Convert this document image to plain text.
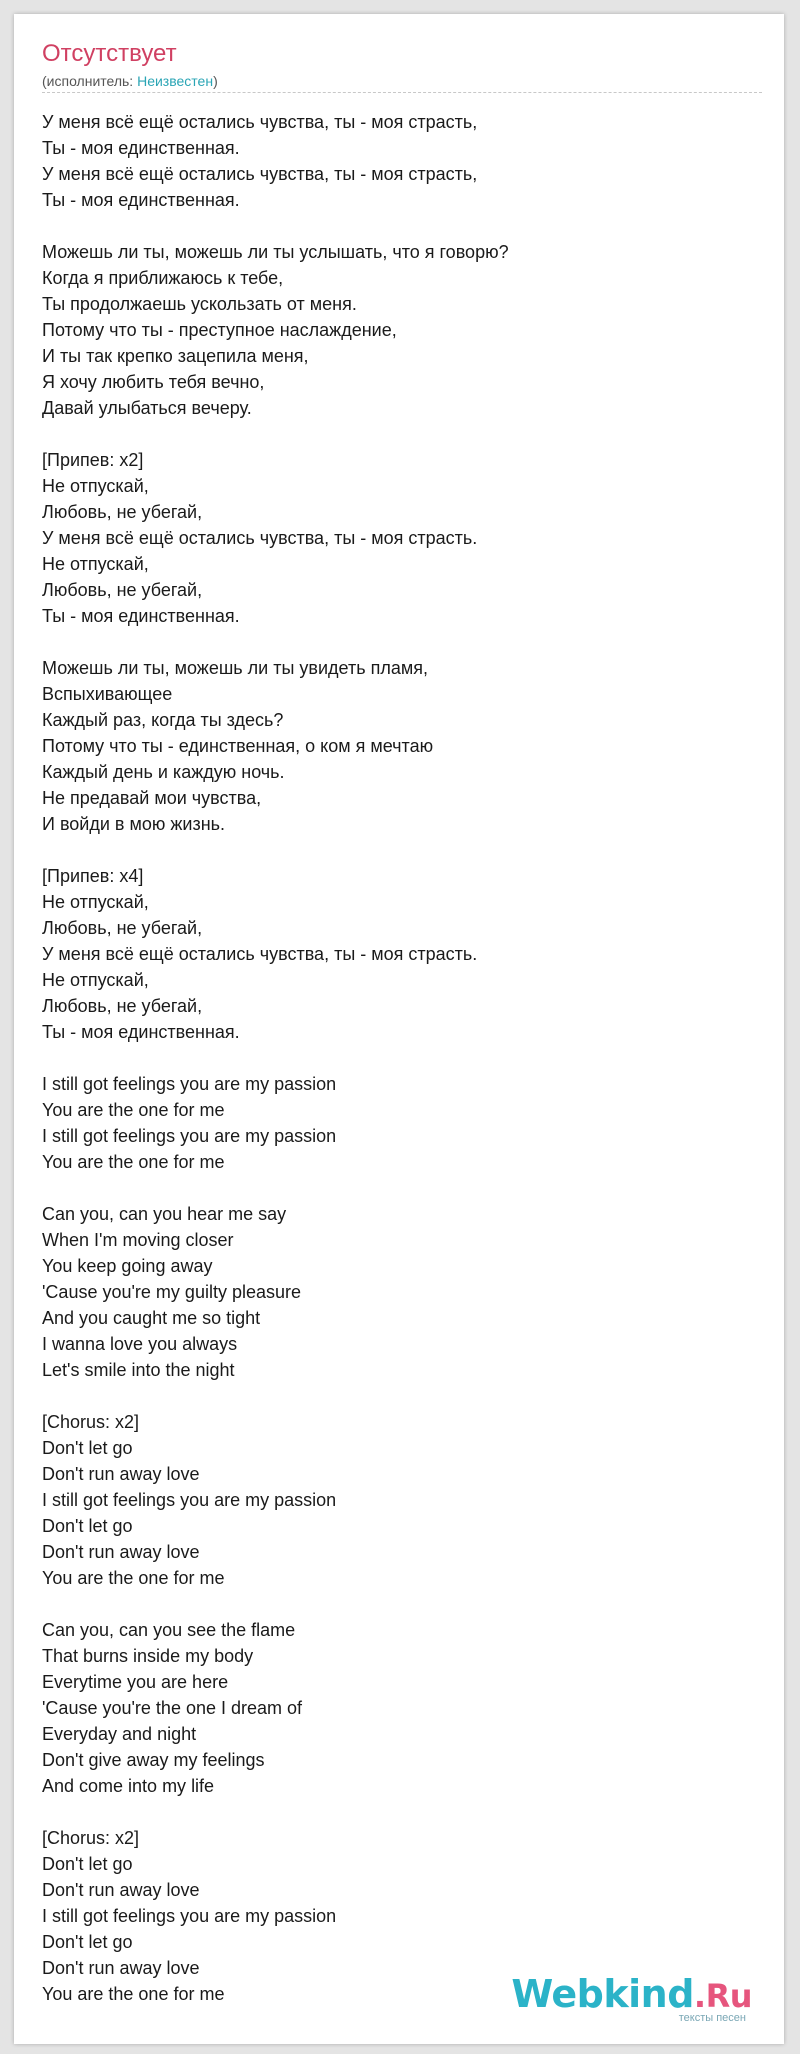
Отсутствует
(исполнитель: Неизвестен)
У меня всё ещё остались чувства, ты - моя страсть,
Ты - моя единственная.
У меня всё ещё остались чувства, ты - моя страсть,
Ты - моя единственная.
Можешь ли ты, можешь ли ты услышать, что я говорю?
Когда я приближаюсь к тебе,
Ты продолжаешь ускользать от меня.
Потому что ты - преступное наслаждение,
И ты так крепко зацепила меня,
Я хочу любить тебя вечно,
Давай улыбаться вечеру.
[Припев: x2]
Не отпускай,
Любовь, не убегай,
У меня всё ещё остались чувства, ты - моя страсть.
Не отпускай,
Любовь, не убегай,
Ты - моя единственная.
Можешь ли ты, можешь ли ты увидеть пламя,
Вспыхивающее
Каждый раз, когда ты здесь?
Потому что ты - единственная, о ком я мечтаю
Каждый день и каждую ночь.
Не предавай мои чувства,
И войди в мою жизнь.
[Припев: x4]
Не отпускай,
Любовь, не убегай,
У меня всё ещё остались чувства, ты - моя страсть.
Не отпускай,
Любовь, не убегай,
Ты - моя единственная.
I still got feelings you are my passion
You are the one for me
I still got feelings you are my passion
You are the one for me
Can you, can you hear me say
When I'm moving closer
You keep going away
'Cause you're my guilty pleasure
And you caught me so tight
I wanna love you always
Let's smile into the night
[Chorus: x2]
Don't let go
Don't run away love
I still got feelings you are my passion
Don't let go
Don't run away love
You are the one for me
Can you, can you see the flame
That burns inside my body
Everytime you are here
'Cause you're the one I dream of
Everyday and night
Don't give away my feelings
And come into my life
[Chorus: x2]
Don't let go
Don't run away love
I still got feelings you are my passion
Don't let go
Don't run away love
You are the one for me	Webkind.Ru
тексты песен
